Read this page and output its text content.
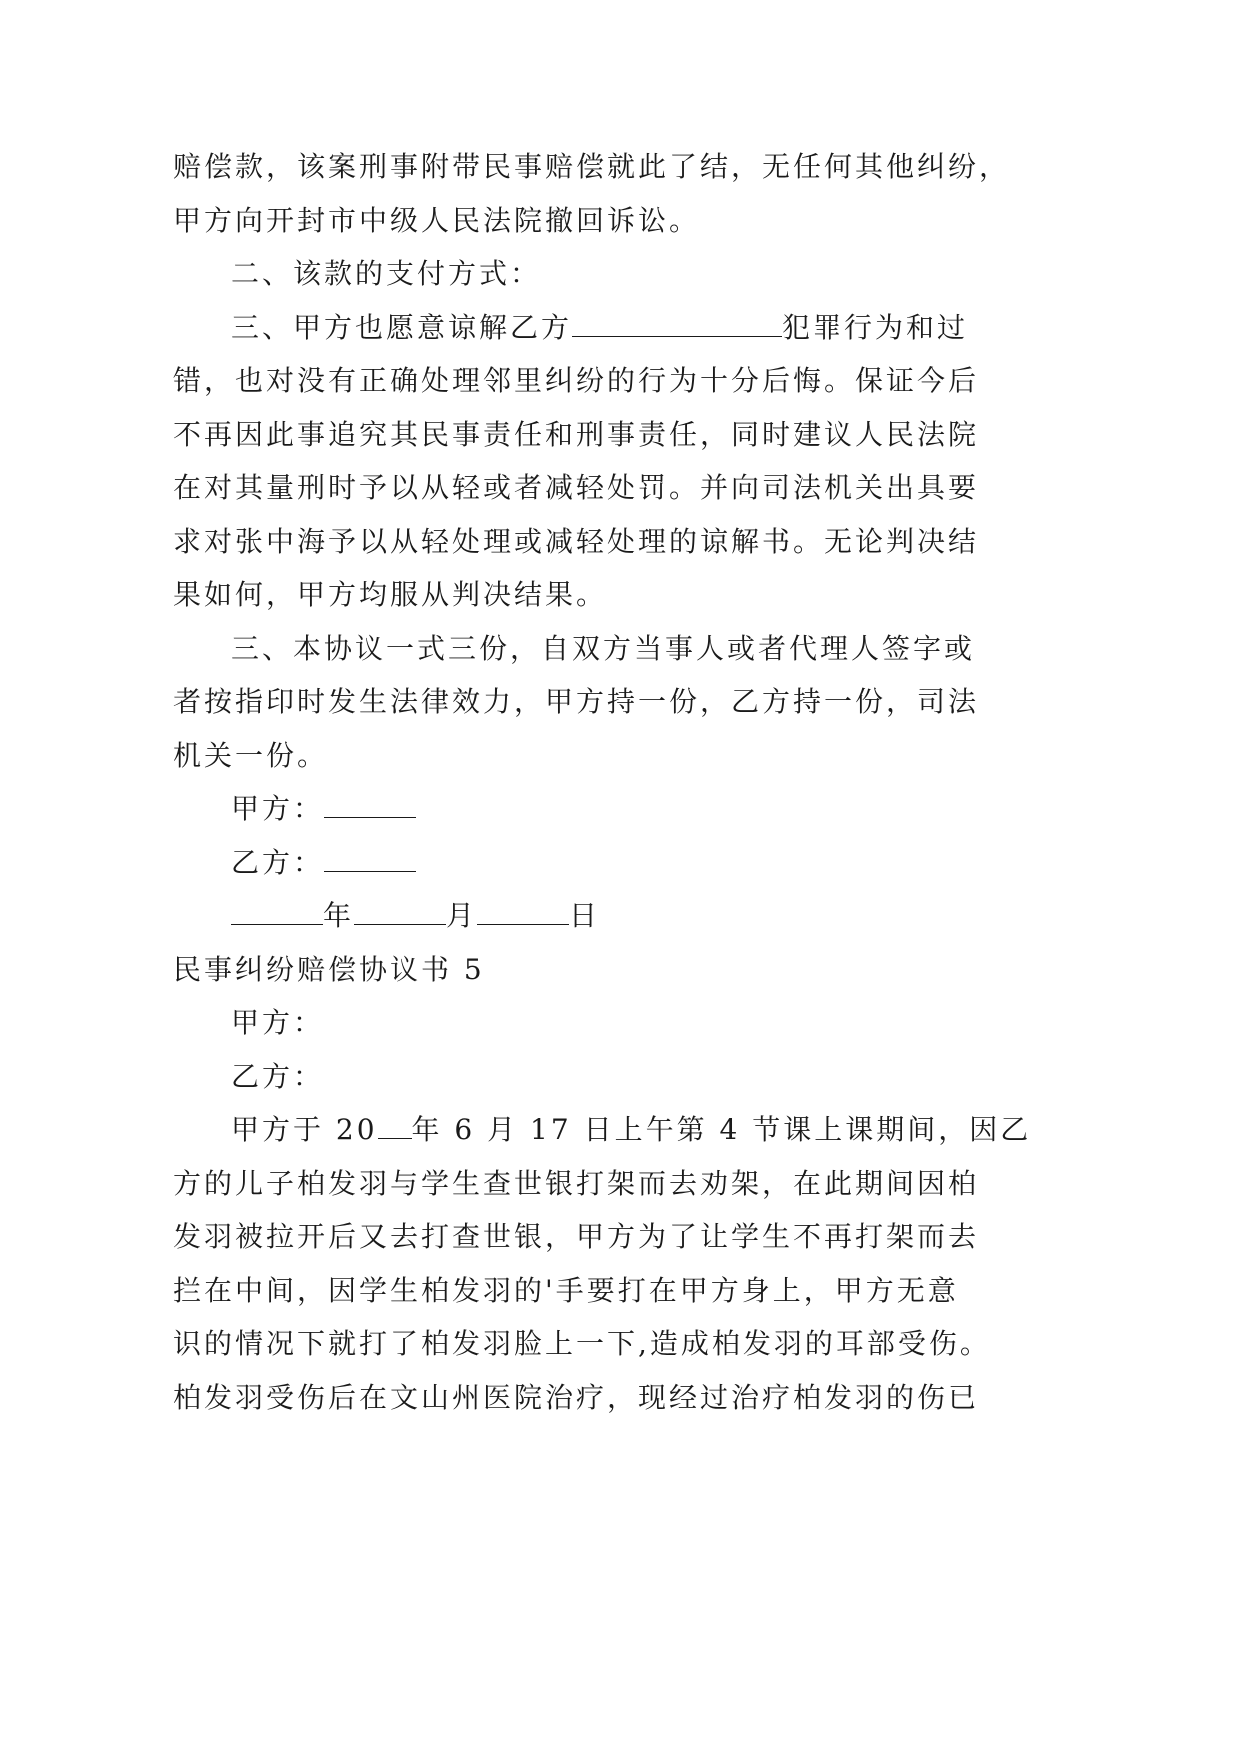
赔偿款，该案刑事附带民事赔偿就此了结，无任何其他纠纷，
甲方向开封市中级人民法院撤回诉讼。
二、该款的支付方式：
三、甲方也愿意谅解乙方	犯罪行为和过
错，也对没有正确处理邻里纠纷的行为十分后悔。保证今后
不再因此事追究其民事责任和刑事责任，同时建议人民法院
在对其量刑时予以从轻或者减轻处罚。并向司法机关出具要
求对张中海予以从轻处理或减轻处理的谅解书。无论判决结
果如何，甲方均服从判决结果。
三、本协议一式三份，自双方当事人或者代理人签字或
者按指印时发生法律效力，甲方持一份，乙方持一份，司法
机关一份。
甲方：
乙方：
年	月	日
民事纠纷赔偿协议书 5
甲方：
乙方：
甲方于 20 年 6 月 17 日上午第 4 节课上课期间，因乙
方的儿子柏发羽与学生查世银打架而去劝架，在此期间因柏
发羽被拉开后又去打查世银，甲方为了让学生不再打架而去
拦在中间，因学生柏发羽的'手要打在甲方身上，甲方无意
识的情况下就打了柏发羽脸上一下,造成柏发羽的耳部受伤。
柏发羽受伤后在文山州医院治疗，现经过治疗柏发羽的伤已
